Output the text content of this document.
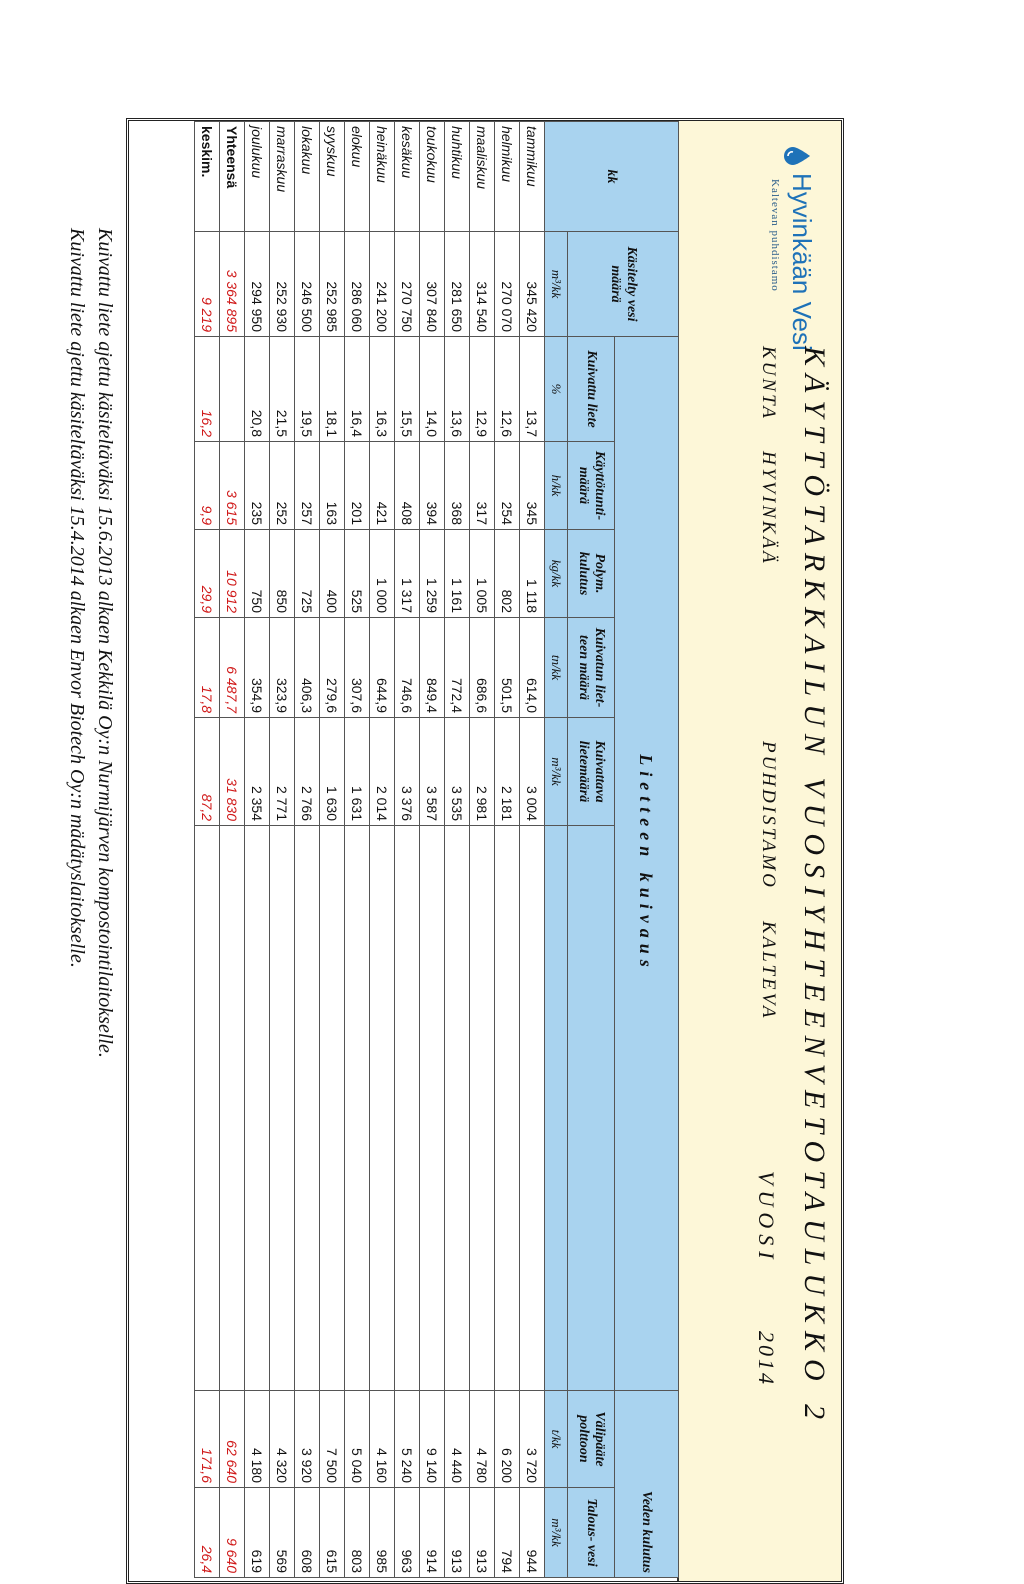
Hyvinkään Vesi
Kaltevan puhdistamo
KÄYTTÖTARKKAILUN VUOSIYHTEENVETOTAULUKKO 2
KUNTA
HYVINKÄÄ
PUHDISTAMO
KALTEVA
VUOSI
2014
kk	Käsitelty vesi määrä	Lietteen kuivaus						Veden kulutus	
		Kuivattu liete	Käyttötunti- määrä	Polym. kulutus	Kuivatun liet- teen määrä	Kuivattava lietemäärä		Välipääte polttoon	Talous- vesi
	m³/kk	%	h/kk	kg/kk	tn/kk	m³/kk		t/kk	m³/kk
tammikuu	345 420	13,7	345	1 118	614,0	3 004		3 720	944
helmikuu	270 070	12,6	254	802	501,5	2 181		6 200	794
maaliskuu	314 540	12,9	317	1 005	686,6	2 981		4 780	913
huhtikuu	281 650	13,6	368	1 161	772,4	3 535		4 440	913
toukokuu	307 840	14,0	394	1 259	849,4	3 587		9 140	914
kesäkuu	270 750	15,5	408	1 317	746,6	3 376		5 240	963
heinäkuu	241 200	16,3	421	1 000	644,9	2 014		4 160	985
elokuu	286 060	16,4	201	525	307,6	1 631		5 040	803
syyskuu	252 985	18,1	163	400	279,6	1 630		7 500	615
lokakuu	246 500	19,5	257	725	406,3	2 766		3 920	608
marraskuu	252 930	21,5	252	850	323,9	2 771		4 320	569
joulukuu	294 950	20,8	235	750	354,9	2 354		4 180	619
Yhteensä	3 364 895		3 615	10 912	6 487,7	31 830		62 640	9 640
keskim.	9 219	16,2	9,9	29,9	17,8	87,2		171,6	26,4
Kuivattu liete ajettu käsiteltäväksi 15.6.2013 alkaen Kekkilä Oy:n Nurmijärven kompostointilaitokselle.
Kuivattu liete ajettu käsiteltäväksi 15.4.2014 alkaen Envor Biotech Oy:n mädätyslaitokselle.
